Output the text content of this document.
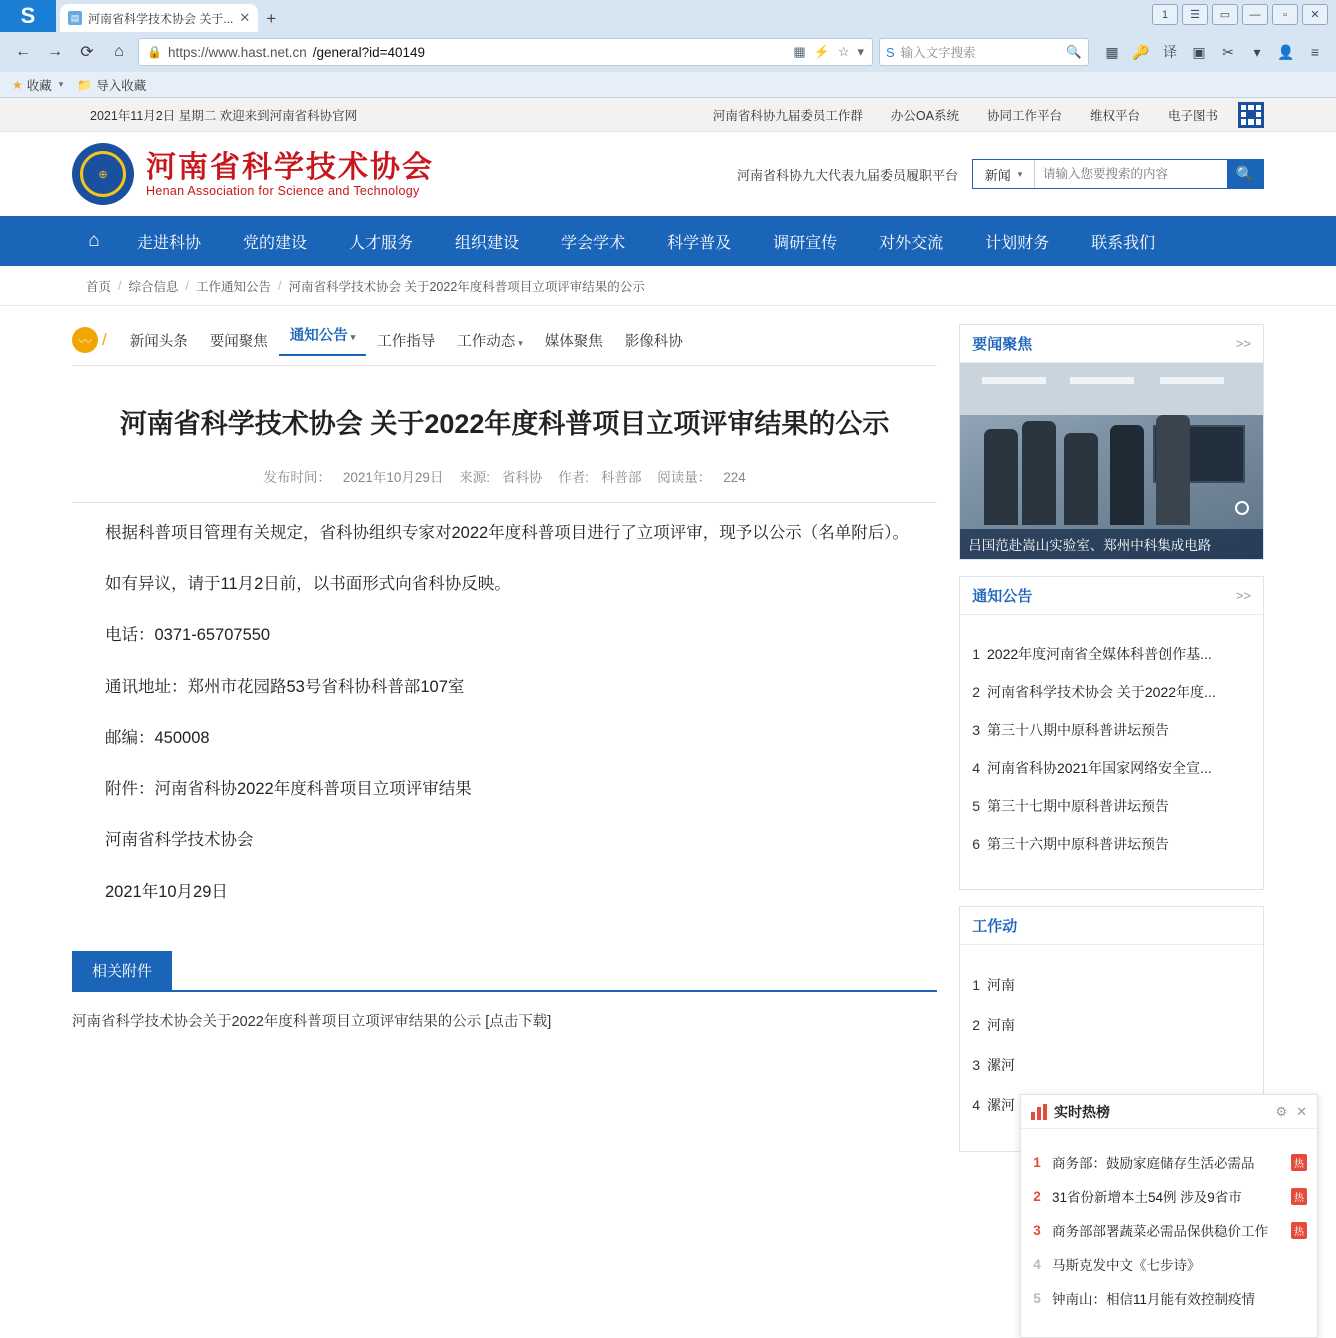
S	▤ 河南省科学技术协会 关于... ✕ +	1	☰	▭	—	▫	✕
←	→	⟳	⌂	🔒 https://www.hast.net.cn /general?id=40149	▦ ⚡ ☆ ▾ S 输入文字搜索	🔍	▦ 🔑 译	▣	✂	▾	👤	≡
★ 收藏 ▾ 📁 导入收藏
2021年11月2日 星期二 欢迎来到河南省科协官网	河南省科协九届委员工作群	办公OA系统	协同工作平台	维权平台	电子图书
⊕	河南省科学技术协会
Henan Association for Science and Technology
河南省科协九大代表九届委员履职平台 新闻 ▾
请输入您要搜索的内容	🔍
⌂	走进科协	党的建设	人才服务	组织建设	学会学术	科学普及	调研宣传	对外交流	计划财务	联系我们
首页 / 综合信息 / 工作通知公告 / 河南省科学技术协会 关于2022年度科普项目立项评审结果的公示
〰 /	新闻头条	要闻聚焦	通知公告 ▾	工作指导	工作动态 ▾	媒体聚焦	影像科协
河南省科学技术协会 关于2022年度科普项目立项评审结果的公示
发布时间： 2021年10月29日 来源: 省科协 作者: 科普部 阅读量： 224

根据科普项目管理有关规定，省科协组织专家对2022年度科普项目进行了立项评审，现予以公示（名单附后）。

如有异议，请于11月2日前，以书面形式向省科协反映。

电话：0371-65707550

通讯地址：郑州市花园路53号省科协科普部107室

邮编：450008

附件：河南省科协2022年度科普项目立项评审结果

河南省科学技术协会

2021年10月29日

相关附件
河南省科学技术协会关于2022年度科普项目立项评审结果的公示 [点击下载]
要闻聚焦	>>
吕国范赴嵩山实验室、郑州中科集成电路
通知公告	>>
1 2022年度河南省全媒体科普创作基...
2 河南省科学技术协会 关于2022年度...
3 第三十八期中原科普讲坛预告
4 河南省科协2021年国家网络安全宣...
5 第三十七期中原科普讲坛预告
6 第三十六期中原科普讲坛预告
工作动
1 河南
2 河南
3 漯河
4 漯河	实时热榜	⚙ ✕
1 商务部：鼓励家庭储存生活必需品	热
2 31省份新增本土54例 涉及9省市	热
3 商务部部署蔬菜必需品保供稳价工作	热
4 马斯克发中文《七步诗》
5 钟南山：相信11月能有效控制疫情
